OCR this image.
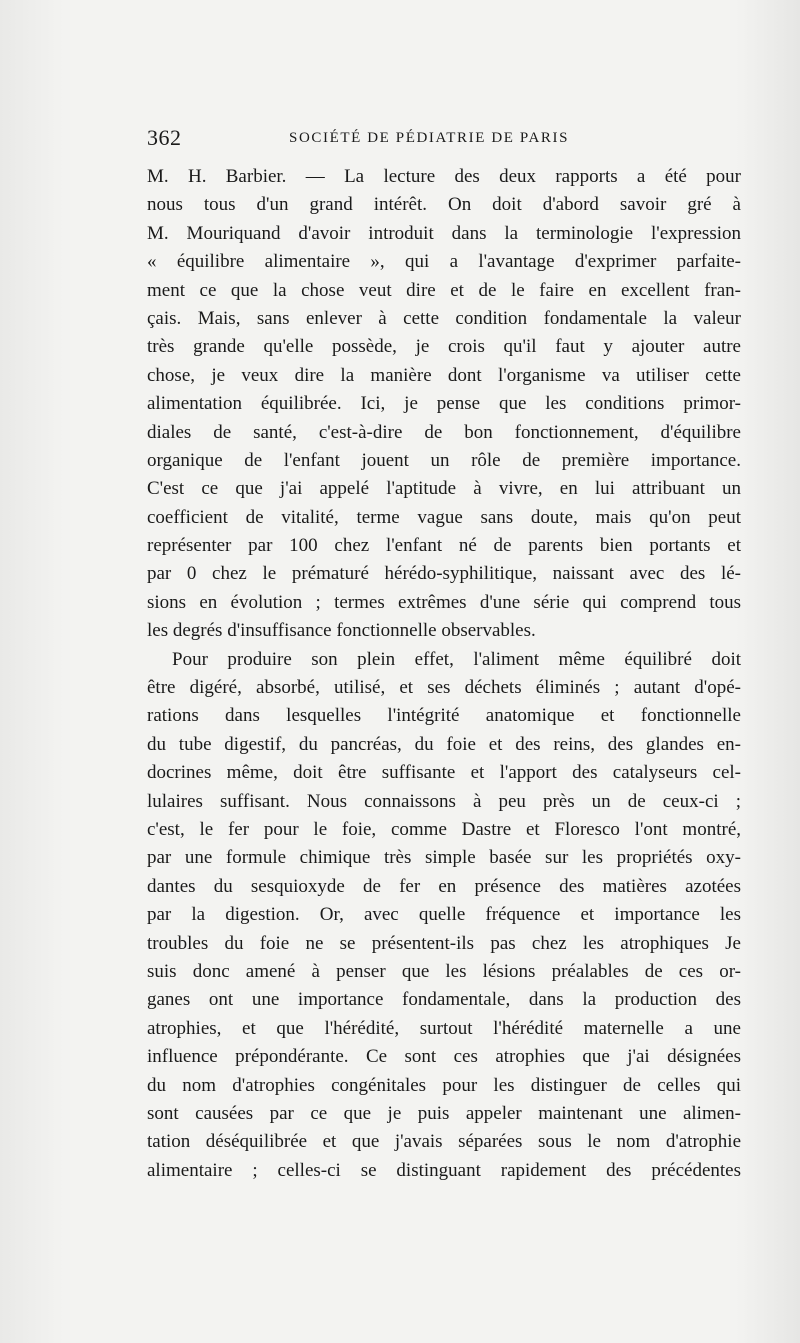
362	SOCIÉTÉ DE PÉDIATRIE DE PARIS
M. H. Barbier. — La lecture des deux rapports a été pour
nous tous d'un grand intérêt. On doit d'abord savoir gré à
M. Mouriquand d'avoir introduit dans la terminologie l'expression
« équilibre alimentaire », qui a l'avantage d'exprimer parfaite-
ment ce que la chose veut dire et de le faire en excellent fran-
çais. Mais, sans enlever à cette condition fondamentale la valeur
très grande qu'elle possède, je crois qu'il faut y ajouter autre
chose, je veux dire la manière dont l'organisme va utiliser cette
alimentation équilibrée. Ici, je pense que les conditions primor-
diales de santé, c'est-à-dire de bon fonctionnement, d'équilibre
organique de l'enfant jouent un rôle de première importance.
C'est ce que j'ai appelé l'aptitude à vivre, en lui attribuant un
coefficient de vitalité, terme vague sans doute, mais qu'on peut
représenter par 100 chez l'enfant né de parents bien portants et
par 0 chez le prématuré hérédo-syphilitique, naissant avec des lé-
sions en évolution ; termes extrêmes d'une série qui comprend tous
les degrés d'insuffisance fonctionnelle observables.
Pour produire son plein effet, l'aliment même équilibré doit
être digéré, absorbé, utilisé, et ses déchets éliminés ; autant d'opé-
rations dans lesquelles l'intégrité anatomique et fonctionnelle
du tube digestif, du pancréas, du foie et des reins, des glandes en-
docrines même, doit être suffisante et l'apport des catalyseurs cel-
lulaires suffisant. Nous connaissons à peu près un de ceux-ci ;
c'est, le fer pour le foie, comme Dastre et Floresco l'ont montré,
par une formule chimique très simple basée sur les propriétés oxy-
dantes du sesquioxyde de fer en présence des matières azotées
par la digestion. Or, avec quelle fréquence et importance les
troubles du foie ne se présentent-ils pas chez les atrophiques Je
suis donc amené à penser que les lésions préalables de ces or-
ganes ont une importance fondamentale, dans la production des
atrophies, et que l'hérédité, surtout l'hérédité maternelle a une
influence prépondérante. Ce sont ces atrophies que j'ai désignées
du nom d'atrophies congénitales pour les distinguer de celles qui
sont causées par ce que je puis appeler maintenant une alimen-
tation déséquilibrée et que j'avais séparées sous le nom d'atrophie
alimentaire ; celles-ci se distinguant rapidement des précédentes
